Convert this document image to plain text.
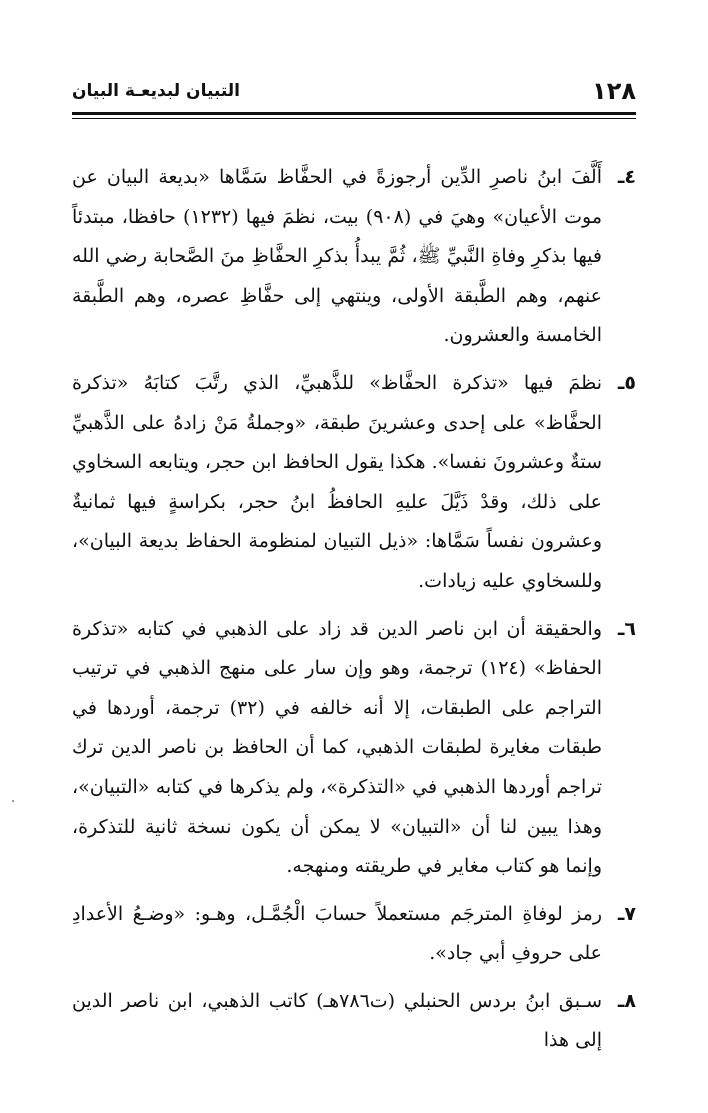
١٢٨
التبيان لبديعـة البيان

٤ـ
أَلَّفَ ابنُ ناصرِ الدِّين أرجوزةً في الحفَّاظ سَمَّاها «بديعة البيان عن موت الأعيان» وهيَ في (٩٠٨) بيت، نظمَ فيها (١٢٣٢) حافظا، مبتدئاً فيها بذكرِ وفاةِ النَّبيِّ ﷺ، ثُمَّ يبدأُ بذكرِ الحفَّاظِ منَ الصَّحابة رضي الله عنهم، وهم الطَّبقة الأولى، وينتهي إلى حفَّاظِ عصره، وهم الطَّبقة الخامسة والعشرون.

٥ـ
نظمَ فيها «تذكرة الحفَّاظ» للذَّهبيِّ، الذي رتَّبَ كتابَهُ «تذكرة الحفَّاظ» على إحدى وعشرينَ طبقة، «وجملةُ مَنْ زادهُ على الذَّهبيِّ ستةٌ وعشرونَ نفسا». هكذا يقول الحافظ ابن حجر، ويتابعه السخاوي على ذلك، وقدْ ذَيَّلَ عليهِ الحافظُ ابنُ حجر، بكراسةٍ فيها ثمانيةٌ وعشرون نفساً سَمَّاها: «ذيل التبيان لمنظومة الحفاظ بديعة البيان»، وللسخاوي عليه زيادات.

٦ـ
والحقيقة أن ابن ناصر الدين قد زاد على الذهبي في كتابه «تذكرة الحفاظ» (١٢٤) ترجمة، وهو وإن سار على منهج الذهبي في ترتيب التراجم على الطبقات، إلا أنه خالفه في (٣٢) ترجمة، أوردها في طبقات مغايرة لطبقات الذهبي، كما أن الحافظ بن ناصر الدين ترك تراجم أوردها الذهبي في «التذكرة»، ولم يذكرها في كتابه «التبيان»، وهذا يبين لنا أن «التبيان» لا يمكن أن يكون نسخة ثانية للتذكرة، وإنما هو كتاب مغاير في طريقته ومنهجه.

٧ـ
رمز لوفاةِ المترجَم مستعملاً حسابَ الْجُمَّـل، وهـو: «وضـعُ الأعدادِ على حروفِ أبي جاد».

٨ـ
سـبق ابنُ بردس الحنبلي (ت٧٨٦هـ) كاتب الذهبي، ابن ناصر الدين إلى هذا
